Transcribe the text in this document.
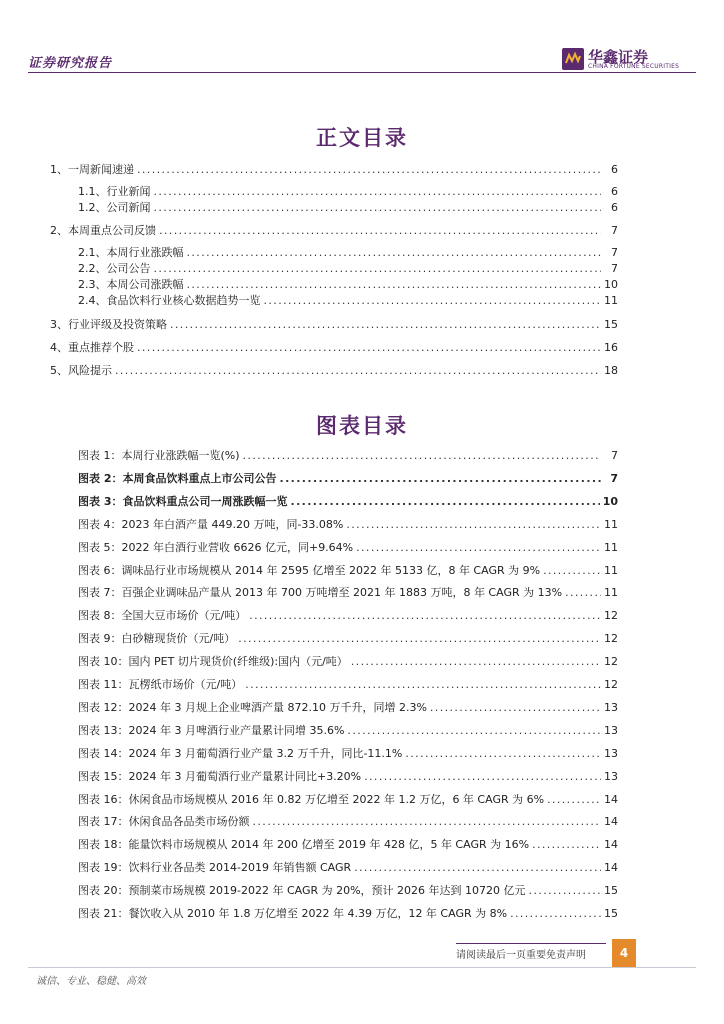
证券研究报告	华鑫证券
CHINA FORTUNE SECURITIES
正文目录
1、 一周新闻速递 .....	6
1.1、 行业新闻 .....	6
1.2、 公司新闻 .....	6
2、 本周重点公司反馈 .....	7
2.1、 本周行业涨跌幅 .....	7
2.2、 公司公告 .....	7
2.3、 本周公司涨跌幅 .....	10
2.4、 食品饮料行业核心数据趋势一览 .....	11
3、 行业评级及投资策略 .....	15
4、 重点推荐个股 .....	16
5、 风险提示 .....	18
图表目录
图表 1：本周行业涨跌幅一览(%) .....	7
图表 2：本周食品饮料重点上市公司公告 .....	7
图表 3：食品饮料重点公司一周涨跌幅一览 .....	10
图表 4：2023 年白酒产量 449.20 万吨，同-33.08% .....	11
图表 5：2022 年白酒行业营收 6626 亿元，同+9.64% .....	11
图表 6：调味品行业市场规模从 2014 年 2595 亿增至 2022 年 5133 亿，8 年 CAGR 为 9% .....	11
图表 7：百强企业调味品产量从 2013 年 700 万吨增至 2021 年 1883 万吨，8 年 CAGR 为 13% .....	11
图表 8：全国大豆市场价（元/吨） .....	12
图表 9：白砂糖现货价（元/吨） .....	12
图表 10：国内 PET 切片现货价(纤维级):国内（元/吨） .....	12
图表 11：瓦楞纸市场价（元/吨） .....	12
图表 12：2024 年 3 月规上企业啤酒产量 872.10 万千升，同增 2.3% .....	13
图表 13：2024 年 3 月啤酒行业产量累计同增 35.6% .....	13
图表 14：2024 年 3 月葡萄酒行业产量 3.2 万千升，同比-11.1% .....	13
图表 15：2024 年 3 月葡萄酒行业产量累计同比+3.20% .....	13
图表 16：休闲食品市场规模从 2016 年 0.82 万亿增至 2022 年 1.2 万亿，6 年 CAGR 为 6% .....	14
图表 17：休闲食品各品类市场份额 .....	14
图表 18：能量饮料市场规模从 2014 年 200 亿增至 2019 年 428 亿，5 年 CAGR 为 16% .....	14
图表 19：饮料行业各品类 2014-2019 年销售额 CAGR .....	14
图表 20：预制菜市场规模 2019-2022 年 CAGR 为 20%，预计 2026 年达到 10720 亿元 .....	15
图表 21：餐饮收入从 2010 年 1.8 万亿增至 2022 年 4.39 万亿，12 年 CAGR 为 8% .....	15
请阅读最后一页重要免责声明	4
诚信、专业、稳健、高效
